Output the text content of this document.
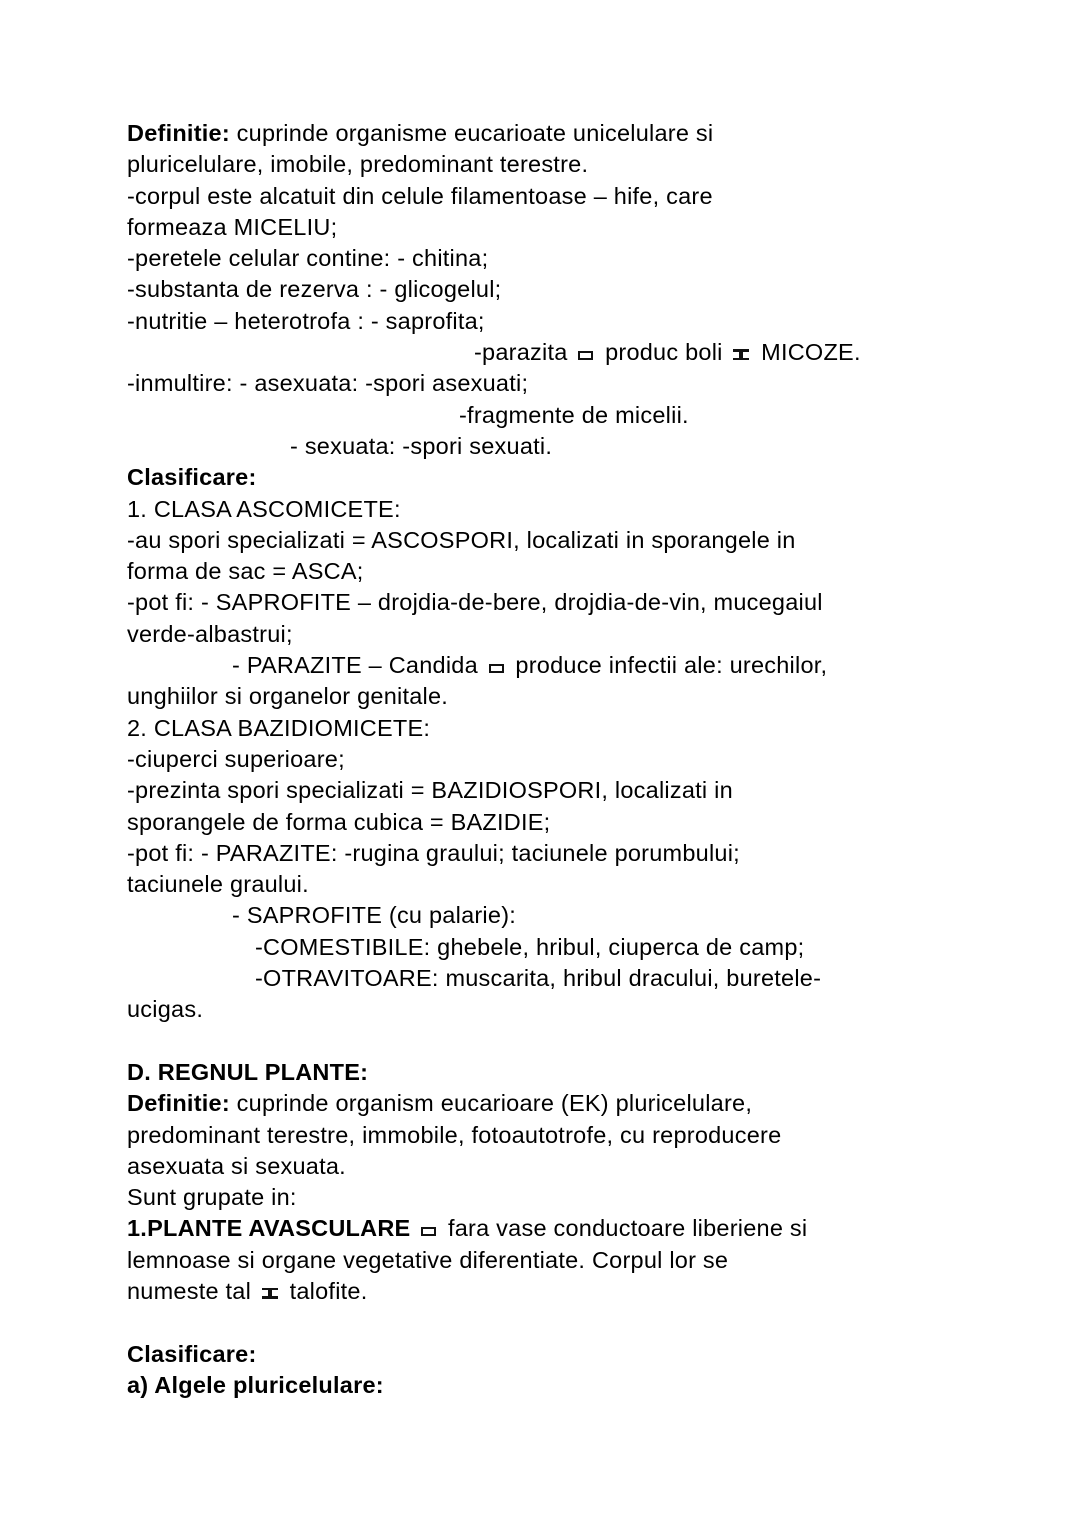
Definitie: cuprinde organisme eucarioate unicelulare si
pluricelulare, imobile, predominant terestre.
-corpul este alcatuit din celule filamentoase – hife, care
formeaza MICELIU;
-peretele celular contine: - chitina;
-substanta de rezerva : - glicogelul;
-nutritie – heterotrofa : - saprofita;
-parazita  produc boli
MICOZE.
-inmultire: - asexuata: -spori asexuati;
-fragmente de micelii.
- sexuata: -spori sexuati.
Clasificare:
1. CLASA ASCOMICETE:
-au spori specializati = ASCOSPORI, localizati in sporangele in
forma de sac = ASCA;
-pot fi: - SAPROFITE – drojdia-de-bere, drojdia-de-vin, mucegaiul
verde-albastrui;
- PARAZITE – Candida  produce infectii ale: urechilor,
unghiilor si organelor genitale.
2. CLASA BAZIDIOMICETE:
-ciuperci superioare;
-prezinta spori specializati = BAZIDIOSPORI, localizati in
sporangele de forma cubica = BAZIDIE;
-pot fi: - PARAZITE: -rugina graului; taciunele porumbului;
taciunele graului.
- SAPROFITE (cu palarie):
-COMESTIBILE: ghebele, hribul, ciuperca de camp;
-OTRAVITOARE: muscarita, hribul dracului, buretele-
ucigas.
D. REGNUL PLANTE:
Definitie: cuprinde organism eucarioare (EK) pluricelulare,
predominant terestre, immobile, fotoautotrofe, cu reproducere
asexuata si sexuata.
Sunt grupate in:
1.PLANTE AVASCULARE  fara vase conductoare liberiene si
lemnoase si organe vegetative diferentiate. Corpul lor se
numeste tal
talofite.
Clasificare:
a) Algele pluricelulare:
